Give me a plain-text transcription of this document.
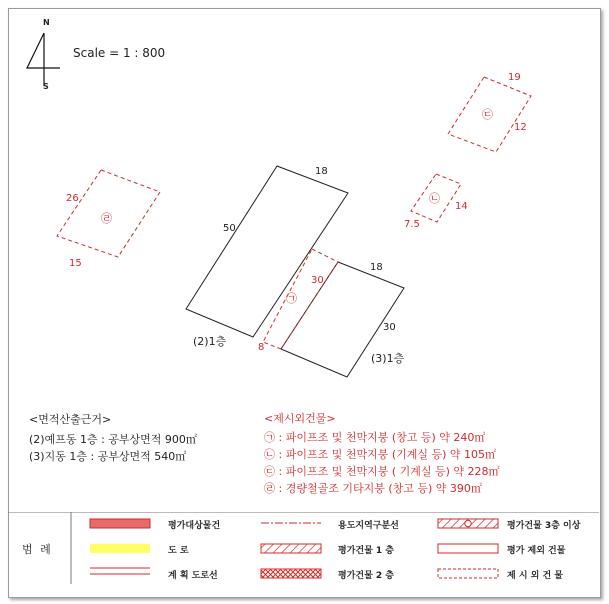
N
S
Scale = 1 : 800
18
50
8
(2)1층
18
30
(3)1층
㉠
30
㉡
7.5
14
㉢
19
12
㉣
26
15
<면적산출근거>
(2)예프동 1층 : 공부상면적 900㎡
(3)지동 1층 : 공부상면적 540㎡
<제시외건물>
㉠ : 파이프조 및 천막지붕 (창고 등) 약 240㎡
㉡ : 파이프조 및 천막지붕 (기계실 등) 약 105㎡
㉢ : 파이프조 및 천막지붕 ( 기계실 등) 약 228㎡
㉣ : 경량철골조 기타지붕 (창고 등) 약 390㎡
범 례
평가대상물건
도 로
계 획 도로선
용도지역구분선
평가건물 1 층
평가건물 2 층
평가건물 3층 이상
평가 제외 건물
제 시 외 건 물
